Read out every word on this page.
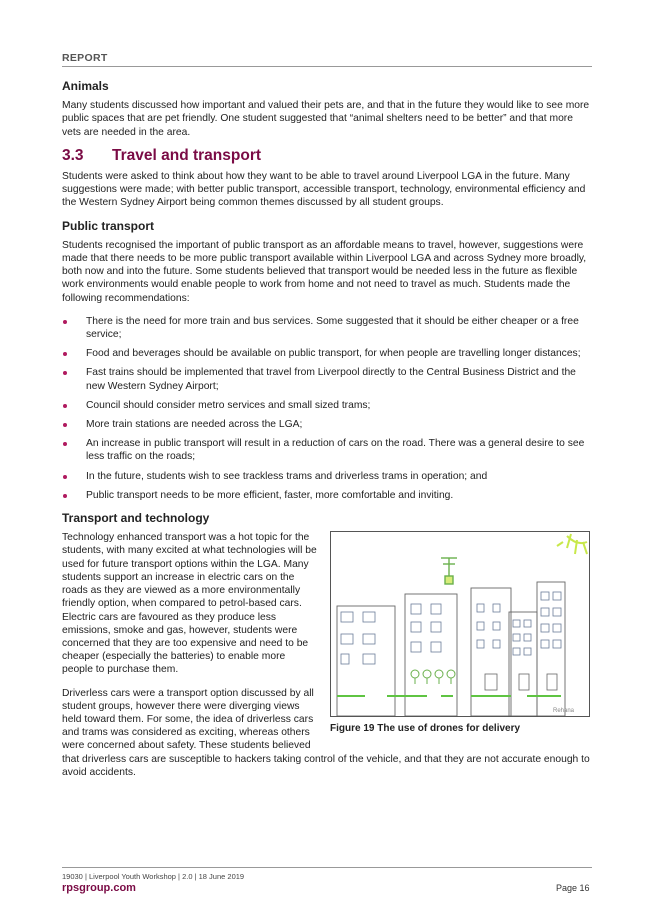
REPORT
Animals

Many students discussed how important and valued their pets are, and that in the future they would like to see more public spaces that are pet friendly. One student suggested that “animal shelters need to be better” and that more vets are needed in the area.

3.3	Travel and transport

Students were asked to think about how they want to be able to travel around Liverpool LGA in the future. Many suggestions were made; with better public transport, accessible transport, technology, environmental efficiency and the Western Sydney Airport being common themes discussed by all student groups.

Public transport

Students recognised the important of public transport as an affordable means to travel, however, suggestions were made that there needs to be more public transport available within Liverpool LGA and across Sydney more broadly, both now and into the future. Some students believed that transport would be needed less in the future as flexible work environments would enable people to work from home and not need to travel as much. Students made the following recommendations:

There is the need for more train and bus services. Some suggested that it should be either cheaper or a free service;
Food and beverages should be available on public transport, for when people are travelling longer distances;
Fast trains should be implemented that travel from Liverpool directly to the Central Business District and the new Western Sydney Airport;
Council should consider metro services and small sized trams;
More train stations are needed across the LGA;
An increase in public transport will result in a reduction of cars on the road. There was a general desire to see less traffic on the roads;
In the future, students wish to see trackless trams and driverless trams in operation; and
Public transport needs to be more efficient, faster, more comfortable and inviting.
Transport and technology
Rehana
Figure 19 The use of drones for delivery

Technology enhanced transport was a hot topic for the students, with many excited at what technologies will be used for future transport options within the LGA. Many students support an increase in electric cars on the roads as they are viewed as a more environmentally friendly option, when compared to petrol-based cars. Electric cars are favoured as they produce less emissions, smoke and gas, however, students were concerned that they are too expensive and need to be cheaper (especially the batteries) to enable more people to purchase them.

Driverless cars were a transport option discussed by all student groups, however there were diverging views held toward them. For some, the idea of driverless cars and trams was considered as exciting, whereas others were concerned about safety. These students believed that driverless cars are susceptible to hackers taking control of the vehicle, and that they are not accurate enough to avoid accidents.

19030 | Liverpool Youth Workshop | 2.0 | 18 June 2019
rpsgroup.com	Page 16
